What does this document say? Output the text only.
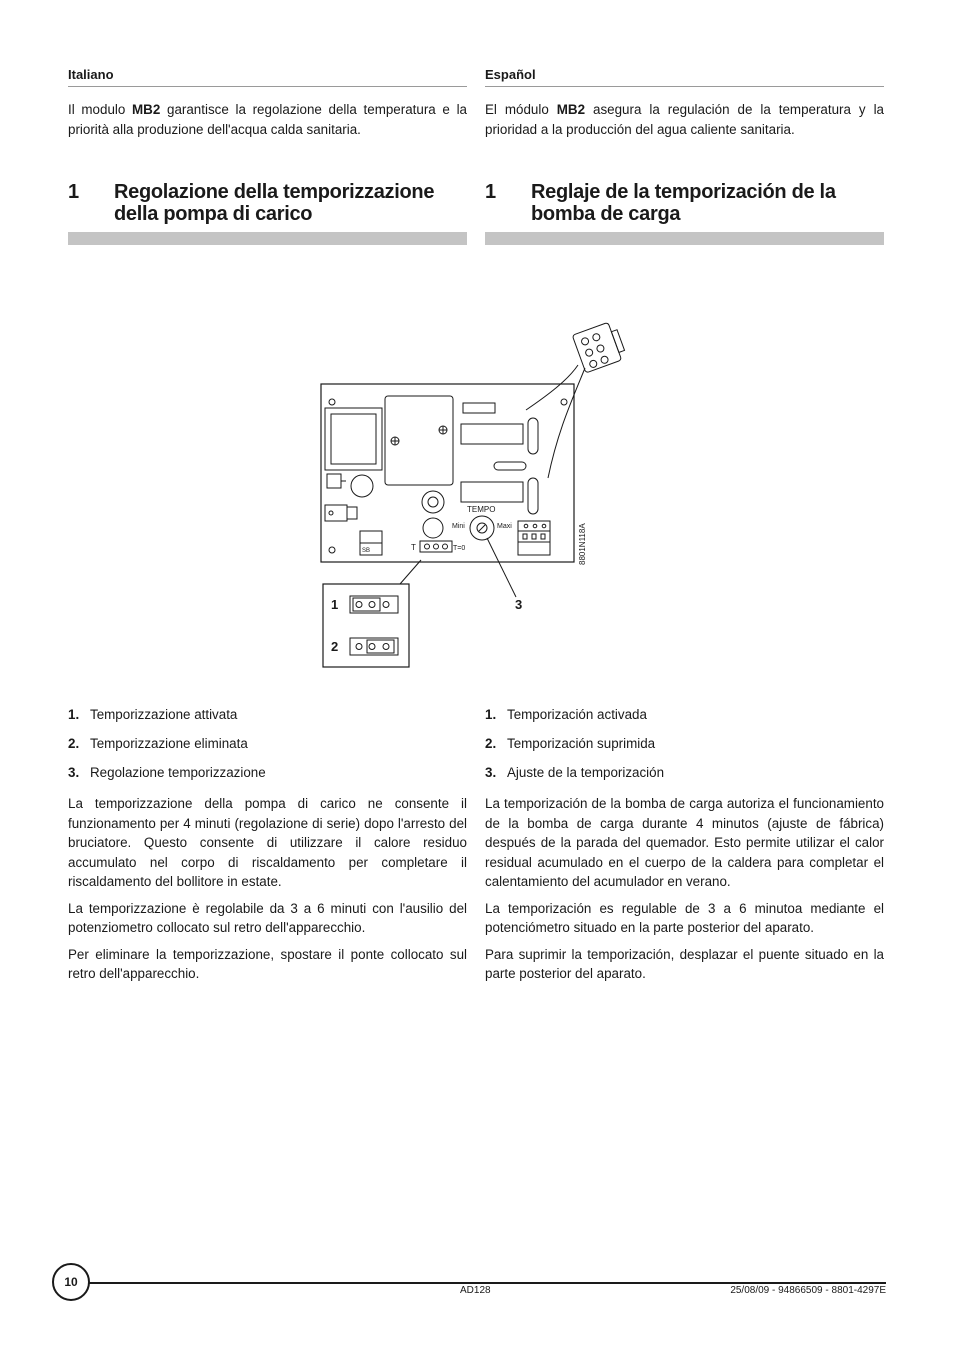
Italiano

Il modulo MB2 garantisce la regolazione della temperatura e la priorità alla produzione dell'acqua calda sanitaria.

1 Regolazione della temporizzazione della pompa di carico
1. Temporizzazione attivata
2. Temporizzazione eliminata
3. Regolazione temporizzazione

La temporizzazione della pompa di carico ne consente il funzionamento per 4 minuti (regolazione di serie) dopo l'arresto del bruciatore. Questo consente di utilizzare il calore residuo accumulato nel corpo di riscaldamento per completare il riscaldamento del bollitore in estate.

La temporizzazione è regolabile da 3 a 6 minuti con l'ausilio del potenziometro collocato sul retro dell'apparecchio.

Per eliminare la temporizzazione, spostare il ponte collocato sul retro dell'apparecchio.

Español

El módulo MB2 asegura la regulación de la temperatura y la prioridad a la producción del agua caliente sanitaria.

1 Reglaje de la temporización de la bomba de carga
1. Temporización activada
2. Temporización suprimida
3. Ajuste de la temporización

La temporización de la bomba de carga autoriza el funcionamiento de la bomba de carga durante 4 minutos (ajuste de fábrica) después de la parada del quemador. Esto permite utilizar el calor residual acumulado en el cuerpo de la caldera para completar el calentamiento del acumulador en verano.

La temporización es regulable de 3 a 6 minutoa mediante el potenciómetro situado en la parte posterior del aparato.

Para suprimir la temporización, desplazar el puente situado en la parte posterior del aparato.

TEMPO
Mini	Maxi
T	T=0
SB	8801N118A
1
2
3
10
AD128	25/08/09 - 94866509 - 8801-4297E
